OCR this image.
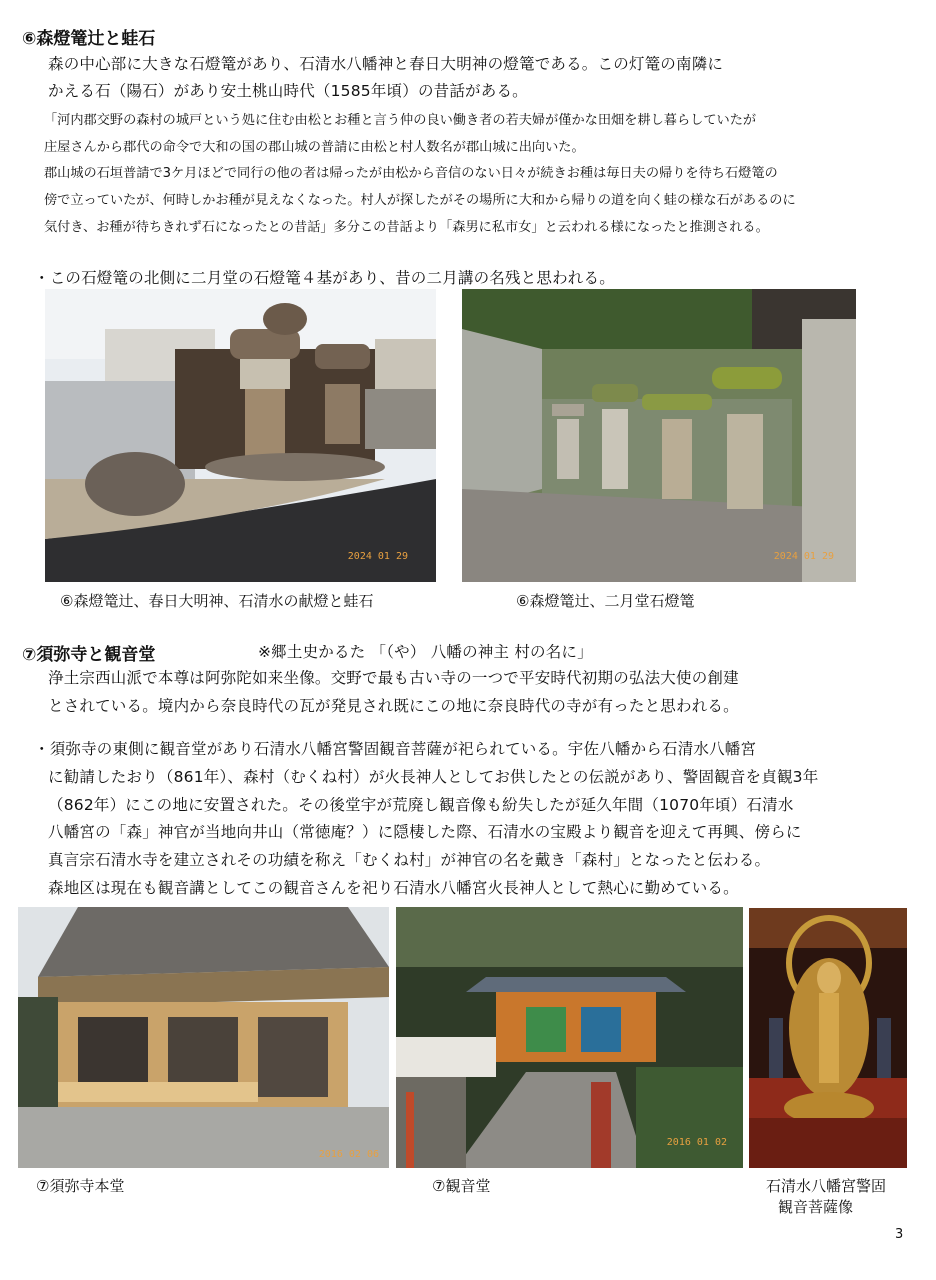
⑥森燈篭辻と蛙石
森の中心部に大きな石燈篭があり、石清水八幡神と春日大明神の燈篭である。この灯篭の南隣に
かえる石（陽石）があり安土桃山時代（1585年頃）の昔話がある。
「河内郡交野の森村の城戸という処に住む由松とお種と言う仲の良い働き者の若夫婦が僅かな田畑を耕し暮らしていたが
庄屋さんから郡代の命令で大和の国の郡山城の普請に由松と村人数名が郡山城に出向いた。
郡山城の石垣普請で3ケ月ほどで同行の他の者は帰ったが由松から音信のない日々が続きお種は毎日夫の帰りを待ち石燈篭の
傍で立っていたが、何時しかお種が見えなくなった。村人が探したがその場所に大和から帰りの道を向く蛙の様な石があるのに
気付き、お種が待ちきれず石になったとの昔話」多分この昔話より「森男に私市女」と云われる様になったと推測される。
・この石燈篭の北側に二月堂の石燈篭４基があり、昔の二月講の名残と思われる。
2024 01 29	2024 01 29
⑥森燈篭辻、春日大明神、石清水の献燈と蛙石	⑥森燈篭辻、二月堂石燈篭
⑦須弥寺と観音堂	※郷土史かるた 「（や） 八幡の神主 村の名に」
浄土宗西山派で本尊は阿弥陀如来坐像。交野で最も古い寺の一つで平安時代初期の弘法大使の創建
とされている。境内から奈良時代の瓦が発見され既にこの地に奈良時代の寺が有ったと思われる。
・須弥寺の東側に観音堂があり石清水八幡宮警固観音菩薩が祀られている。宇佐八幡から石清水八幡宮
に勧請したおり（861年）、森村（むくね村）が火長神人としてお供したとの伝説があり、警固観音を貞観3年
（862年）にこの地に安置された。その後堂宇が荒廃し観音像も紛失したが延久年間（1070年頃）石清水
八幡宮の「森」神官が当地向井山（常徳庵？）に隠棲した際、石清水の宝殿より観音を迎えて再興、傍らに
真言宗石清水寺を建立されその功績を称え「むくね村」が神官の名を戴き「森村」となったと伝わる。
森地区は現在も観音講としてこの観音さんを祀り石清水八幡宮火長神人として熱心に勤めている。
2016 02 06
2016 01 02
⑦須弥寺本堂	⑦観音堂	石清水八幡宮警固
観音菩薩像
3
